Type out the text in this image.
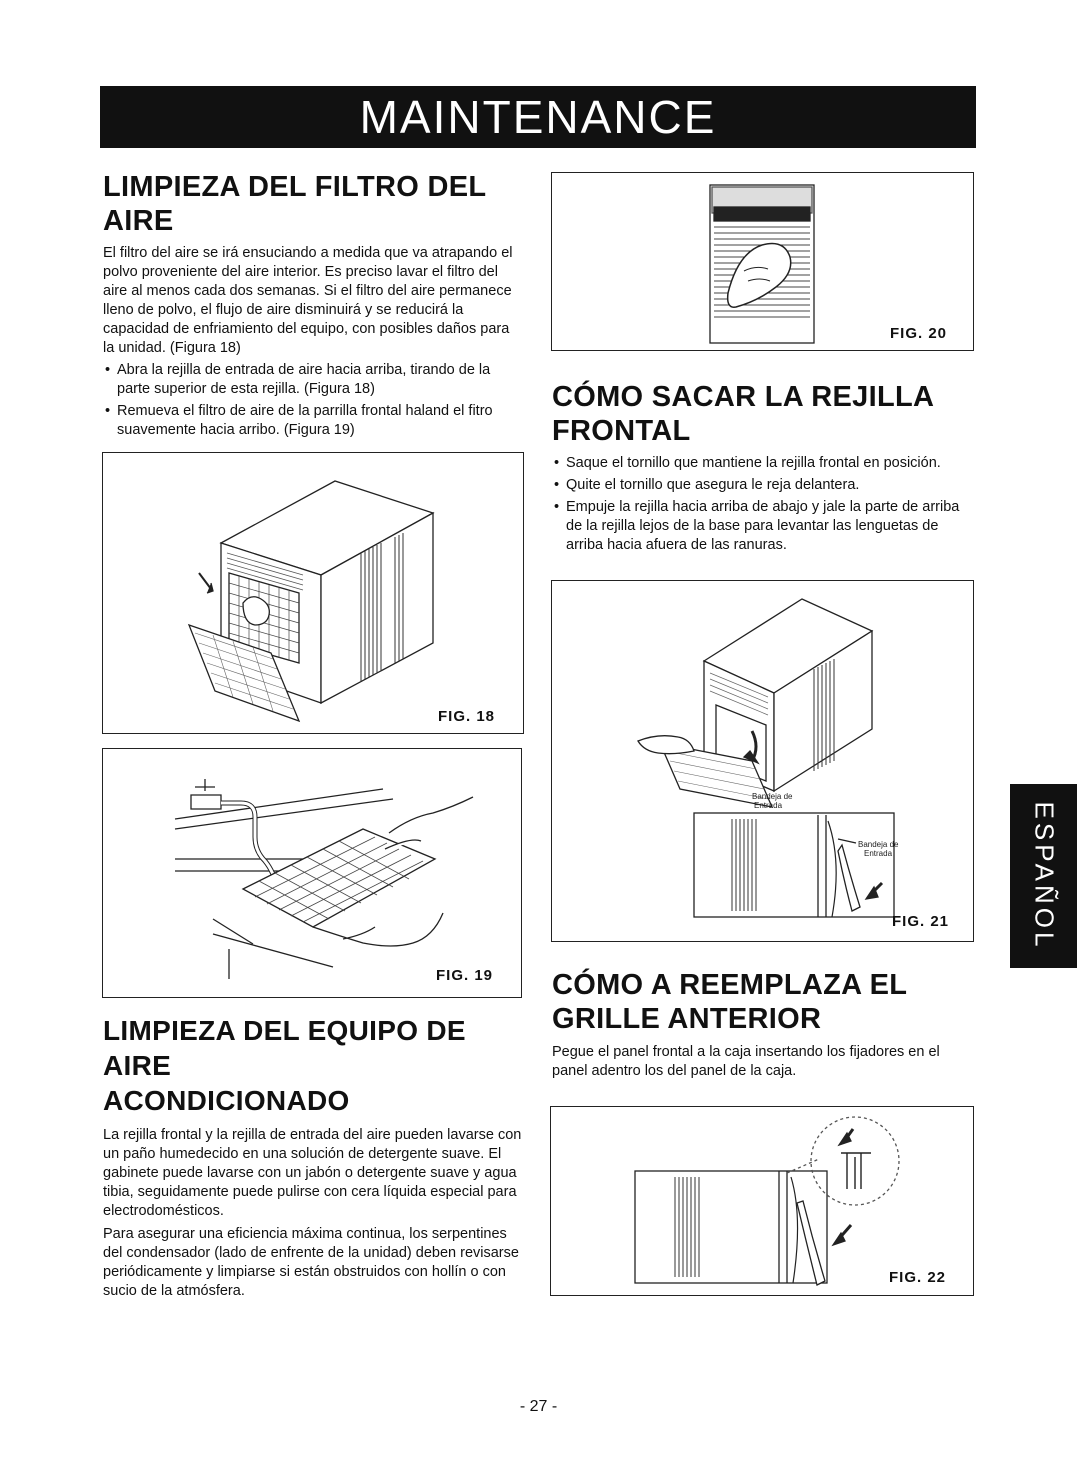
MAINTENANCE
LIMPIEZA DEL FILTRO DEL AIRE

El filtro del aire se irá ensuciando a medida que va atrapando el polvo proveniente del aire interior. Es preciso lavar el filtro del aire al menos cada dos semanas. Si el filtro del aire permanece lleno de polvo, el flujo de aire disminuirá y se reducirá la capacidad de enfriamiento del equipo, con posibles daños para la unidad. (Figura 18)

• Abra la rejilla de entrada de aire hacia arriba, tirando de la parte superior de esta rejilla. (Figura 18)
• Remueva el filtro de aire de la parrilla frontal haland el fitro suavemente hacia arribo. (Figura 19)
FIG. 18
FIG. 19
LIMPIEZA DEL EQUIPO DE AIRE
ACONDICIONADO

La rejilla frontal y la rejilla de entrada del aire pueden lavarse con un paño humedecido en una solución de detergente suave. El gabinete puede lavarse con un jabón o detergente suave y agua tibia, seguidamente puede pulirse con cera líquida especial para electrodomésticos.

Para asegurar una eficiencia máxima continua, los serpentines del condensador (lado de enfrente de la unidad) deben revisarse periódicamente y limpiarse si están obstruidos con hollín o con sucio de la atmósfera.

FIG. 20
CÓMO SACAR LA REJILLA
FRONTAL
• Saque el tornillo que mantiene la rejilla frontal en posición.
• Quite el tornillo que asegura le reja delantera.
• Empuje la rejilla hacia arriba de abajo y jale la parte de arriba de la rejilla lejos de la base para levantar las lenguetas de arriba hacia afuera de las ranuras.
Bandeja de
Entrada
Bandeja de
Entrada
FIG. 21
CÓMO A REEMPLAZA EL
GRILLE ANTERIOR

Pegue el panel frontal a la caja insertando los fijadores en el panel adentro los del panel de la caja.

FIG. 22
ESPAÑOL
- 27 -
